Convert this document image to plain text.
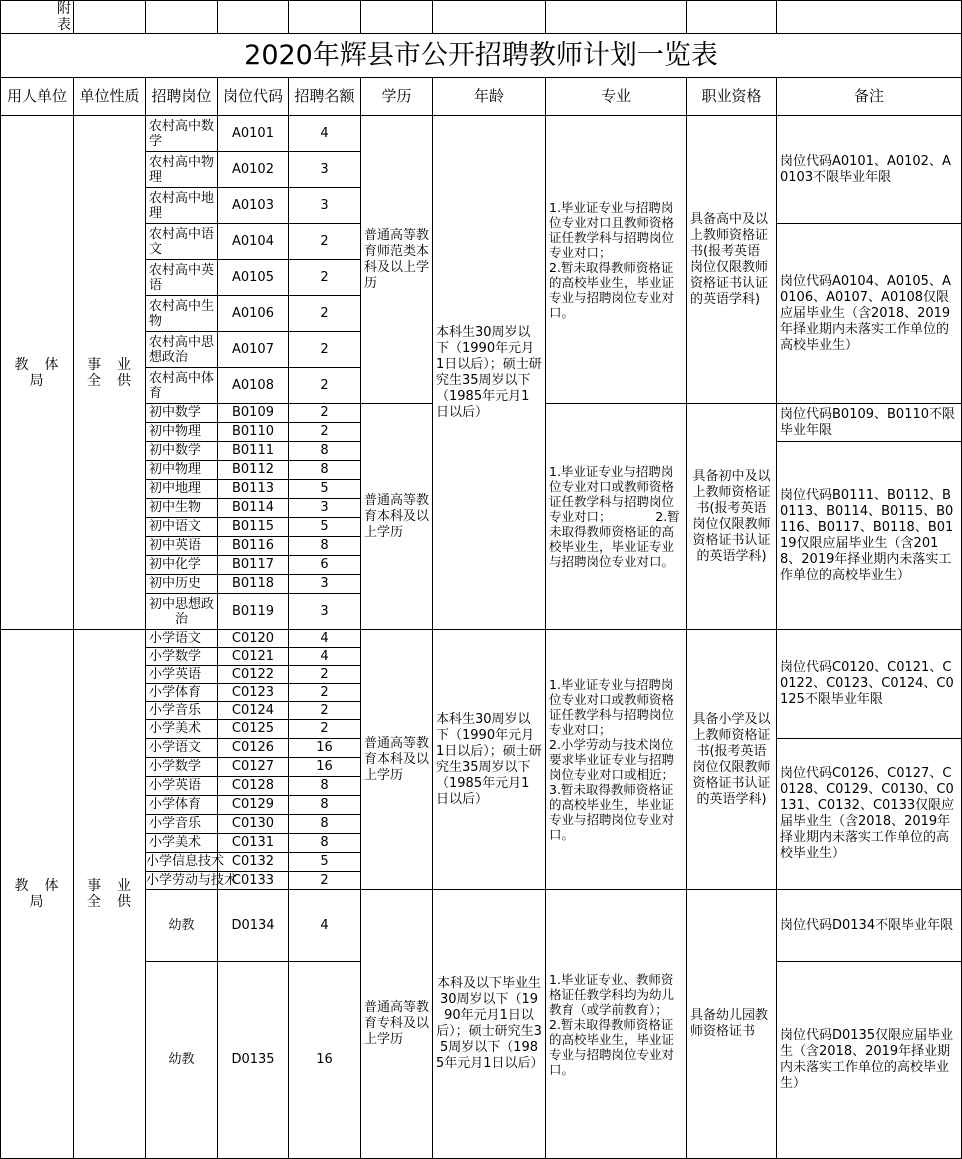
附表									
2020年辉县市公开招聘教师计划一览表									
用人单位	单位性质	招聘岗位	岗位代码	招聘名额	学历	年龄	专业	职业资格	备注
教　体　局	事　业　全　供	农村高中数学	A0101	4	普通高等教育师范类本科及以上学历	本科生30周岁以下（1990年元月1日以后）；硕士研究生35周岁以下（1985年元月1日以后）	1.毕业证专业与招聘岗位专业对口且教师资格证任教学科与招聘岗位专业对口；
2.暂未取得教师资格证的高校毕业生，毕业证专业与招聘岗位专业对口。	具备高中及以上教师资格证书(报考英语岗位仅限教师资格证书认证的英语学科)	岗位代码A0101、A0102、A0103不限毕业年限
		农村高中物理	A0102	3					
		农村高中地理	A0103	3					
		农村高中语文	A0104	2					岗位代码A0104、A0105、A0106、A0107、A0108仅限应届毕业生（含2018、2019年择业期内未落实工作单位的高校毕业生）
		农村高中英语	A0105	2					
		农村高中生物	A0106	2					
		农村高中思想政治	A0107	2					
		农村高中体育	A0108	2					
		初中数学	B0109	2	普通高等教育本科及以上学历		1.毕业证专业与招聘岗位专业对口或教师资格证任教学科与招聘岗位专业对口；　　　　2.暂未取得教师资格证的高校毕业生，毕业证专业与招聘岗位专业对口。	具备初中及以上教师资格证书(报考英语岗位仅限教师资格证书认证的英语学科)	岗位代码B0109、B0110不限毕业年限
		初中物理	B0110	2					
		初中数学	B0111	8					岗位代码B0111、B0112、B0113、B0114、B0115、B0116、B0117、B0118、B0119仅限应届毕业生（含2018、2019年择业期内未落实工作单位的高校毕业生）
		初中物理	B0112	8					
		初中地理	B0113	5					
		初中生物	B0114	3					
		初中语文	B0115	5					
		初中英语	B0116	8					
		初中化学	B0117	6					
		初中历史	B0118	3					
		初中思想政治	B0119	3					
教　体　局	事　业　全　供	小学语文	C0120	4	普通高等教育本科及以上学历	本科生30周岁以下（1990年元月1日以后）；硕士研究生35周岁以下（1985年元月1日以后）	1.毕业证专业与招聘岗位专业对口或教师资格证任教学科与招聘岗位专业对口；
2.小学劳动与技术岗位要求毕业证专业与招聘岗位专业对口或相近；
3.暂未取得教师资格证的高校毕业生，毕业证专业与招聘岗位专业对口。	具备小学及以上教师资格证书(报考英语岗位仅限教师资格证书认证的英语学科)	岗位代码C0120、C0121、C0122、C0123、C0124、C0125不限毕业年限
		小学数学	C0121	4					
		小学英语	C0122	2					
		小学体育	C0123	2					
		小学音乐	C0124	2					
		小学美术	C0125	2					
		小学语文	C0126	16					岗位代码C0126、C0127、C0128、C0129、C0130、C0131、C0132、C0133仅限应届毕业生（含2018、2019年择业期内未落实工作单位的高校毕业生）
		小学数学	C0127	16					
		小学英语	C0128	8					
		小学体育	C0129	8					
		小学音乐	C0130	8					
		小学美术	C0131	8					
		小学信息技术	C0132	5					
		小学劳动与技术	C0133	2					
		幼教	D0134	4	普通高等教育专科及以上学历	本科及以下毕业生30周岁以下（1990年元月1日以后）；硕士研究生35周岁以下（1985年元月1日以后）	1.毕业证专业、教师资格证任教学科均为幼儿教育（或学前教育）；
2.暂未取得教师资格证的高校毕业生，毕业证专业与招聘岗位专业对口。	具备幼儿园教师资格证书	岗位代码D0134不限毕业年限
		幼教	D0135	16					岗位代码D0135仅限应届毕业生（含2018、2019年择业期内未落实工作单位的高校毕业生）
